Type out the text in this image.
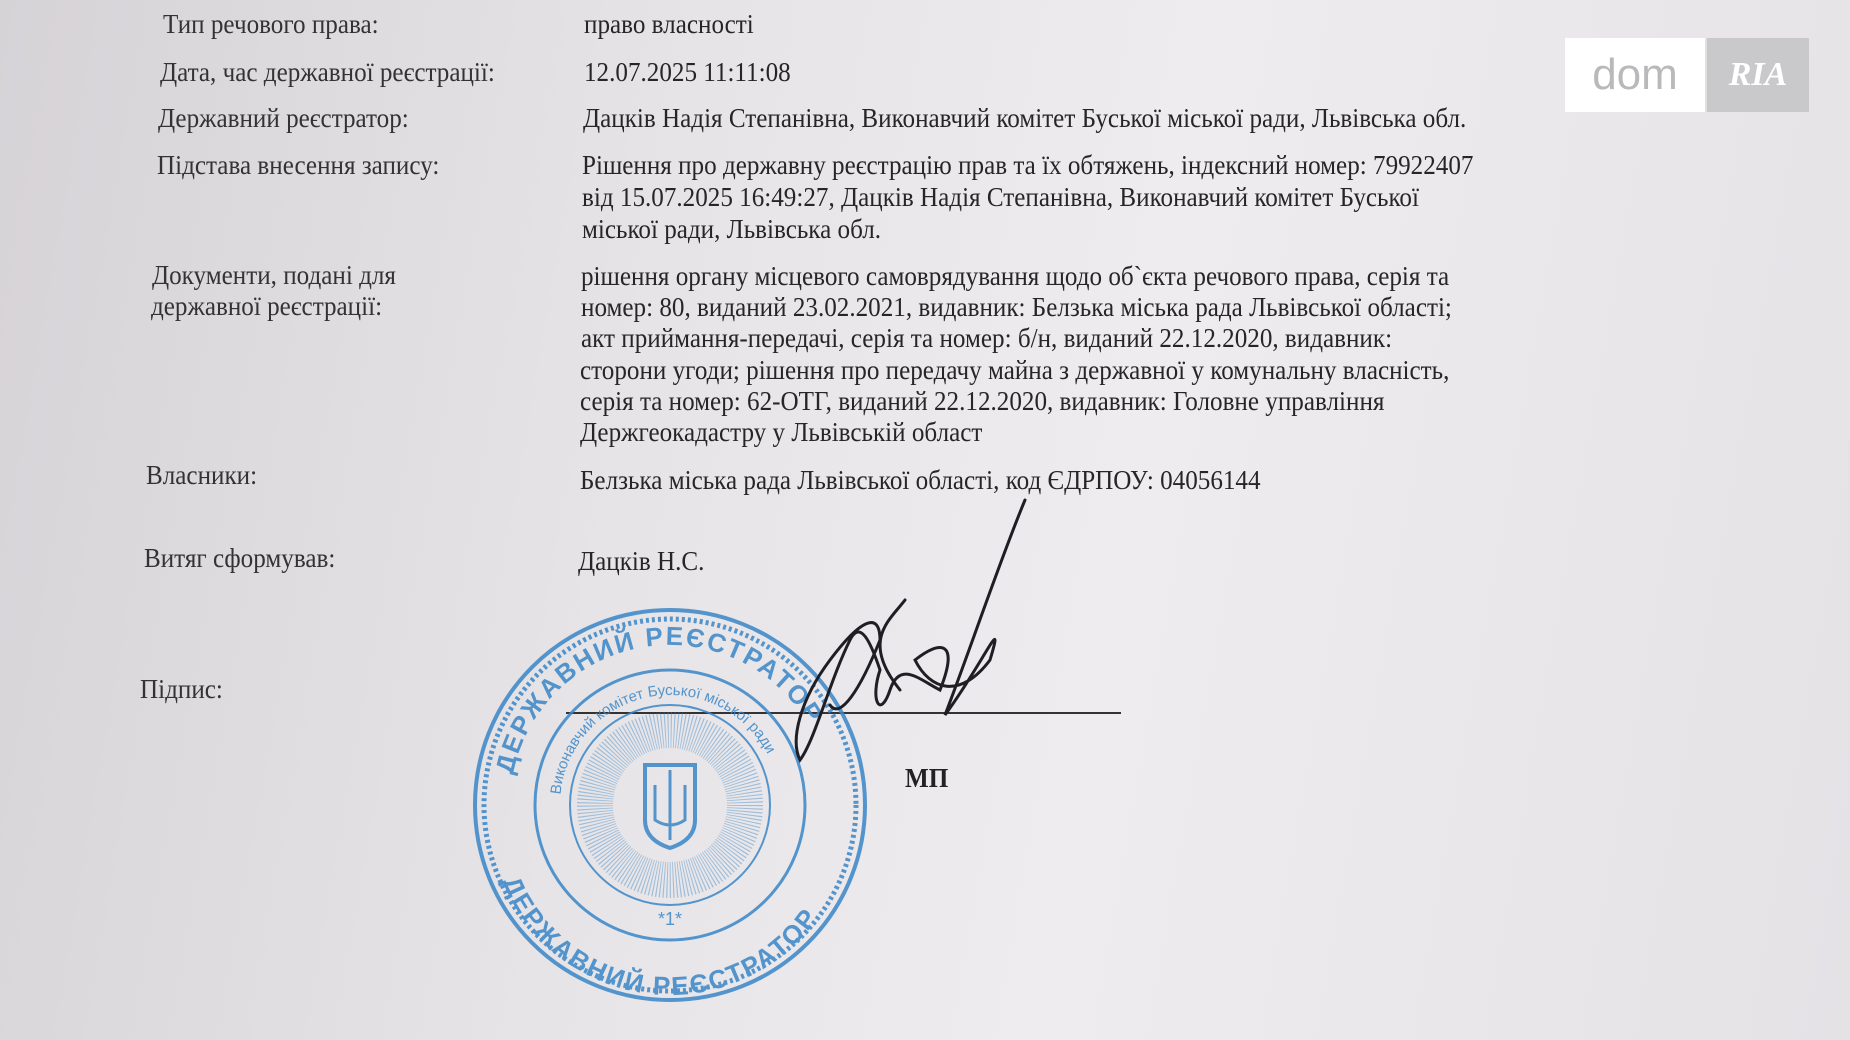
Тип речового права:	право власності
Дата, час державної реєстрації:	12.07.2025 11:11:08
Державний реєстратор:	Дацків Надія Степанівна, Виконавчий комітет Буської міської ради, Львівська обл.
Підстава внесення запису:	Рішення про державну реєстрацію прав та їх обтяжень, індексний номер: 79922407
від 15.07.2025 16:49:27, Дацків Надія Степанівна, Виконавчий комітет Буської
міської ради, Львівська обл.
Документи, подані для
державної реєстрації:
рішення органу місцевого самоврядування щодо об`єкта речового права, серія та
номер: 80, виданий 23.02.2021, видавник: Белзька міська рада Львівської області;
акт приймання-передачі, серія та номер: б/н, виданий 22.12.2020, видавник:
сторони угоди; рішення про передачу майна з державної у комунальну власність,
серія та номер: 62-ОТГ, виданий 22.12.2020, видавник: Головне управління
Держгеокадастру у Львівській област
Власники:	Белзька міська рада Львівської області, код ЄДРПОУ: 04056144
Витяг сформував:	Дацків Н.С.
Підпис:
ДЕРЖАВНИЙ РЕЄСТРАТОР
ДЕРЖАВНИЙ РЕЄСТРАТОР
Виконавчий комітет Буської міської ради
*1*
МП
dom	RIA
